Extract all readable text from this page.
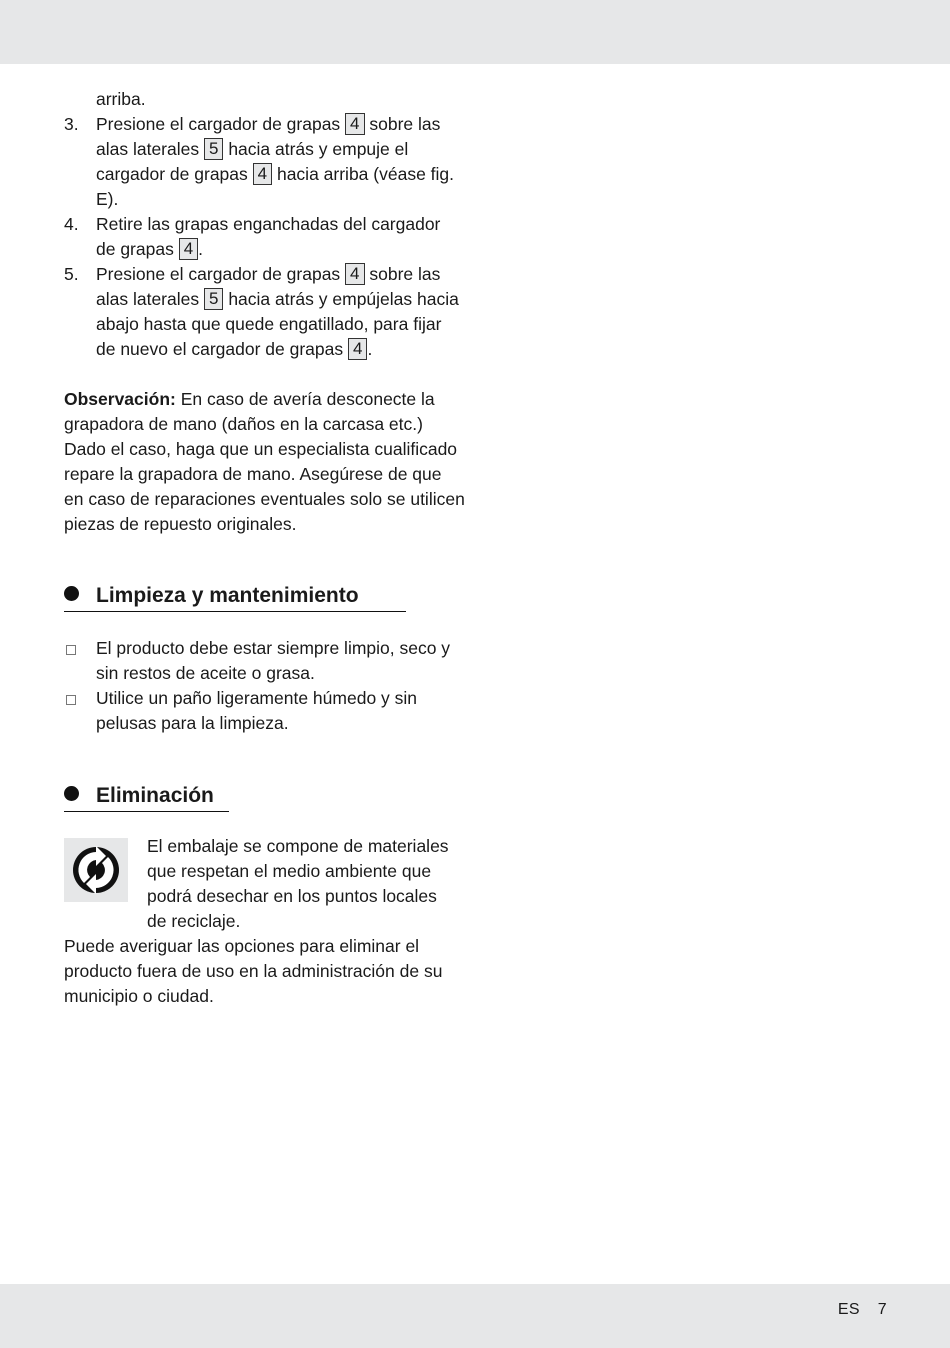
arriba.
3. Presione el cargador de grapas 4 sobre las
alas laterales 5 hacia atrás y empuje el
cargador de grapas 4 hacia arriba (véase fig.
E).
4. Retire las grapas enganchadas del cargador
de grapas 4 .
5. Presione el cargador de grapas 4 sobre las
alas laterales 5 hacia atrás y empújelas hacia
abajo hasta que quede engatillado, para fijar
de nuevo el cargador de grapas 4 .
Observación: En caso de avería desconecte la
grapadora de mano (daños en la carcasa etc.)
Dado el caso, haga que un especialista cualificado
repare la grapadora de mano. Asegúrese de que
en caso de reparaciones eventuales solo se utilicen
piezas de repuesto originales.
Limpieza y mantenimiento
El producto debe estar siempre limpio, seco y
sin restos de aceite o grasa.
Utilice un paño ligeramente húmedo y sin
pelusas para la limpieza.
Eliminación
El embalaje se compone de materiales
que respetan el medio ambiente que
podrá desechar en los puntos locales
de reciclaje.
Puede averiguar las opciones para eliminar el
producto fuera de uso en la administración de su
municipio o ciudad.
ES 7
